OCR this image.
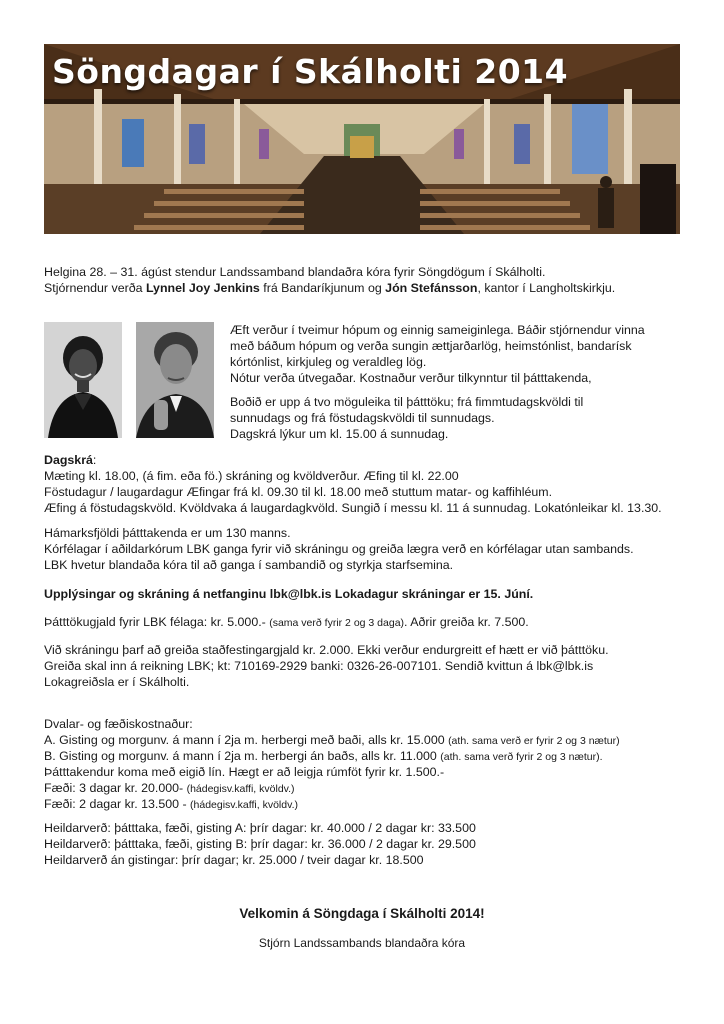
Söngdagar í Skálholti 2014
Helgina 28. – 31. ágúst stendur Landssamband blandaðra kóra fyrir Söngdögum í Skálholti.
Stjórnendur verða Lynnel Joy Jenkins frá Bandaríkjunum og Jón Stefánsson, kantor í Langholtskirkju.
Æft verður í tveimur hópum og einnig sameiginlega. Báðir stjórnendur vinna
með báðum hópum og verða sungin ættjarðarlög, heimstónlist, bandarísk
kórtónlist, kirkjuleg og veraldleg lög.
Nótur verða útvegaðar. Kostnaður verður tilkynntur til þátttakenda,
Boðið er upp á tvo möguleika til þátttöku; frá fimmtudagskvöldi til
sunnudags og frá föstudagskvöldi til sunnudags.
Dagskrá lýkur um kl. 15.00 á sunnudag.
Dagskrá:
Mæting kl. 18.00, (á fim. eða fö.) skráning og kvöldverður. Æfing til kl. 22.00
Föstudagur / laugardagur Æfingar frá kl. 09.30 til kl. 18.00 með stuttum matar- og kaffihléum.
Æfing á föstudagskvöld. Kvöldvaka á laugardagkvöld. Sungið í messu kl. 11 á sunnudag. Lokatónleikar kl. 13.30.
Hámarksfjöldi þátttakenda er um 130 manns.
Kórfélagar í aðildarkórum LBK ganga fyrir við skráningu og greiða lægra verð en kórfélagar utan sambands.
LBK hvetur blandaða kóra til að ganga í sambandið og styrkja starfsemina.
Upplýsingar og skráning á netfanginu lbk@lbk.is Lokadagur skráningar er 15. Júní.
Þátttökugjald fyrir LBK félaga: kr. 5.000.- (sama verð fyrir 2 og 3 daga). Aðrir greiða kr. 7.500.
Við skráningu þarf að greiða staðfestingargjald kr. 2.000. Ekki verður endurgreitt ef hætt er við þátttöku.
Greiða skal inn á reikning LBK; kt: 710169-2929 banki: 0326-26-007101. Sendið kvittun á lbk@lbk.is
Lokagreiðsla er í Skálholti.
Dvalar- og fæðiskostnaður:
A. Gisting og morgunv. á mann í 2ja m. herbergi með baði, alls kr. 15.000 (ath. sama verð er fyrir 2 og 3 nætur)
B. Gisting og morgunv. á mann í 2ja m. herbergi án baðs, alls kr. 11.000 (ath. sama verð fyrir 2 og 3 nætur).
Þátttakendur koma með eigið lín. Hægt er að leigja rúmföt fyrir kr. 1.500.-
Fæði: 3 dagar kr. 20.000- (hádegisv.kaffi, kvöldv.)
Fæði: 2 dagar kr. 13.500 - (hádegisv.kaffi, kvöldv.)
Heildarverð: þátttaka, fæði, gisting A: þrír dagar: kr. 40.000 / 2 dagar kr: 33.500
Heildarverð: þátttaka, fæði, gisting B: þrír dagar: kr. 36.000 / 2 dagar kr. 29.500
Heildarverð án gistingar: þrír dagar; kr. 25.000 / tveir dagar kr. 18.500
Velkomin á Söngdaga í Skálholti 2014!
Stjórn Landssambands blandaðra kóra
